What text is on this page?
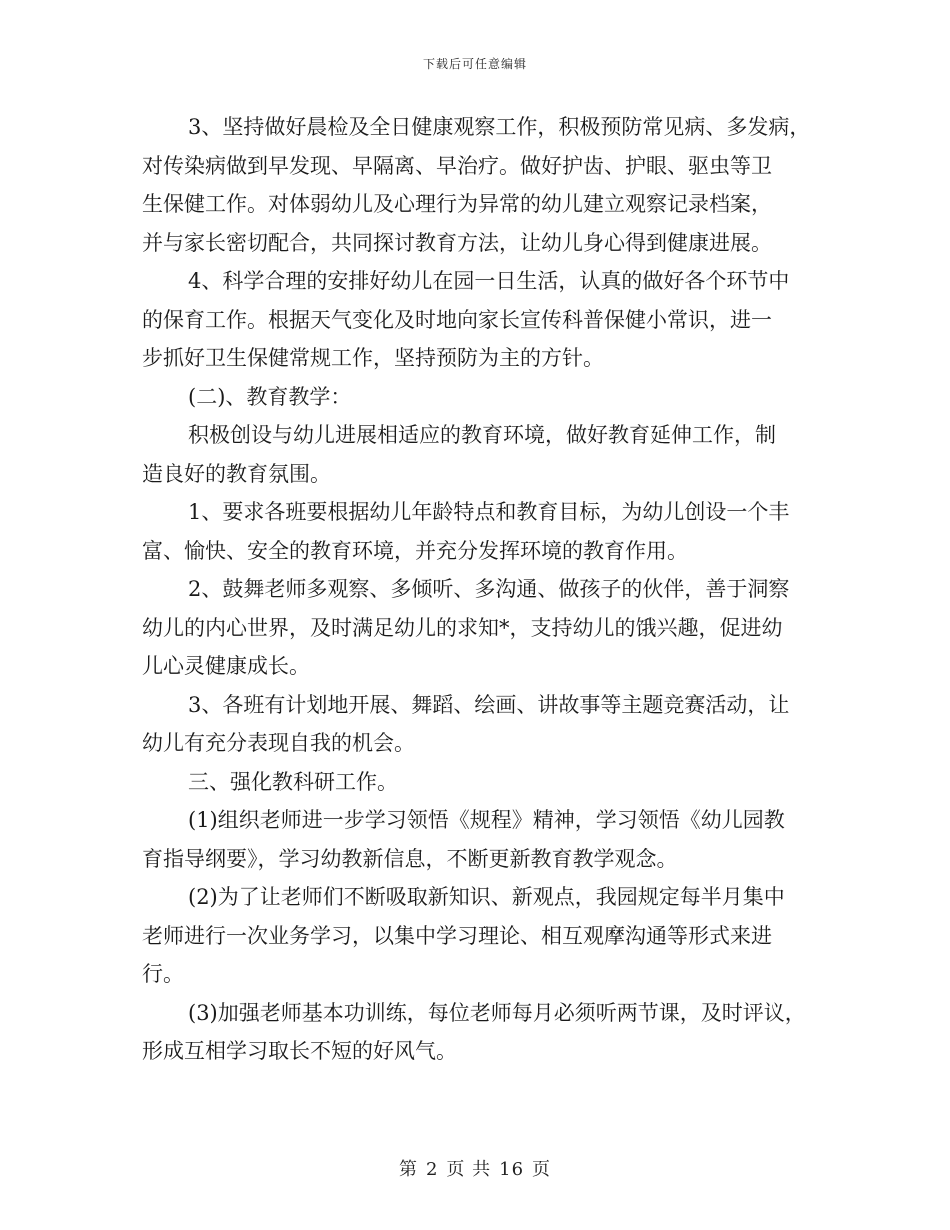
下载后可任意编辑
3、坚持做好晨检及全日健康观察工作，积极预防常见病、多发病，
对传染病做到早发现、早隔离、早治疗。做好护齿、护眼、驱虫等卫
生保健工作。对体弱幼儿及心理行为异常的幼儿建立观察记录档案，
并与家长密切配合，共同探讨教育方法，让幼儿身心得到健康进展。
4、科学合理的安排好幼儿在园一日生活，认真的做好各个环节中
的保育工作。根据天气变化及时地向家长宣传科普保健小常识，进一
步抓好卫生保健常规工作，坚持预防为主的方针。
(二)、教育教学：
积极创设与幼儿进展相适应的教育环境，做好教育延伸工作，制
造良好的教育氛围。
1、要求各班要根据幼儿年龄特点和教育目标，为幼儿创设一个丰
富、愉快、安全的教育环境，并充分发挥环境的教育作用。
2、鼓舞老师多观察、多倾听、多沟通、做孩子的伙伴，善于洞察
幼儿的内心世界，及时满足幼儿的求知*，支持幼儿的饿兴趣，促进幼
儿心灵健康成长。
3、各班有计划地开展、舞蹈、绘画、讲故事等主题竞赛活动，让
幼儿有充分表现自我的机会。
三、强化教科研工作。
(1)组织老师进一步学习领悟《规程》精神，学习领悟《幼儿园教
育指导纲要》，学习幼教新信息，不断更新教育教学观念。
(2)为了让老师们不断吸取新知识、新观点，我园规定每半月集中
老师进行一次业务学习，以集中学习理论、相互观摩沟通等形式来进
行。
(3)加强老师基本功训练，每位老师每月必须听两节课，及时评议，
形成互相学习取长不短的好风气。
第 2 页 共 16 页
